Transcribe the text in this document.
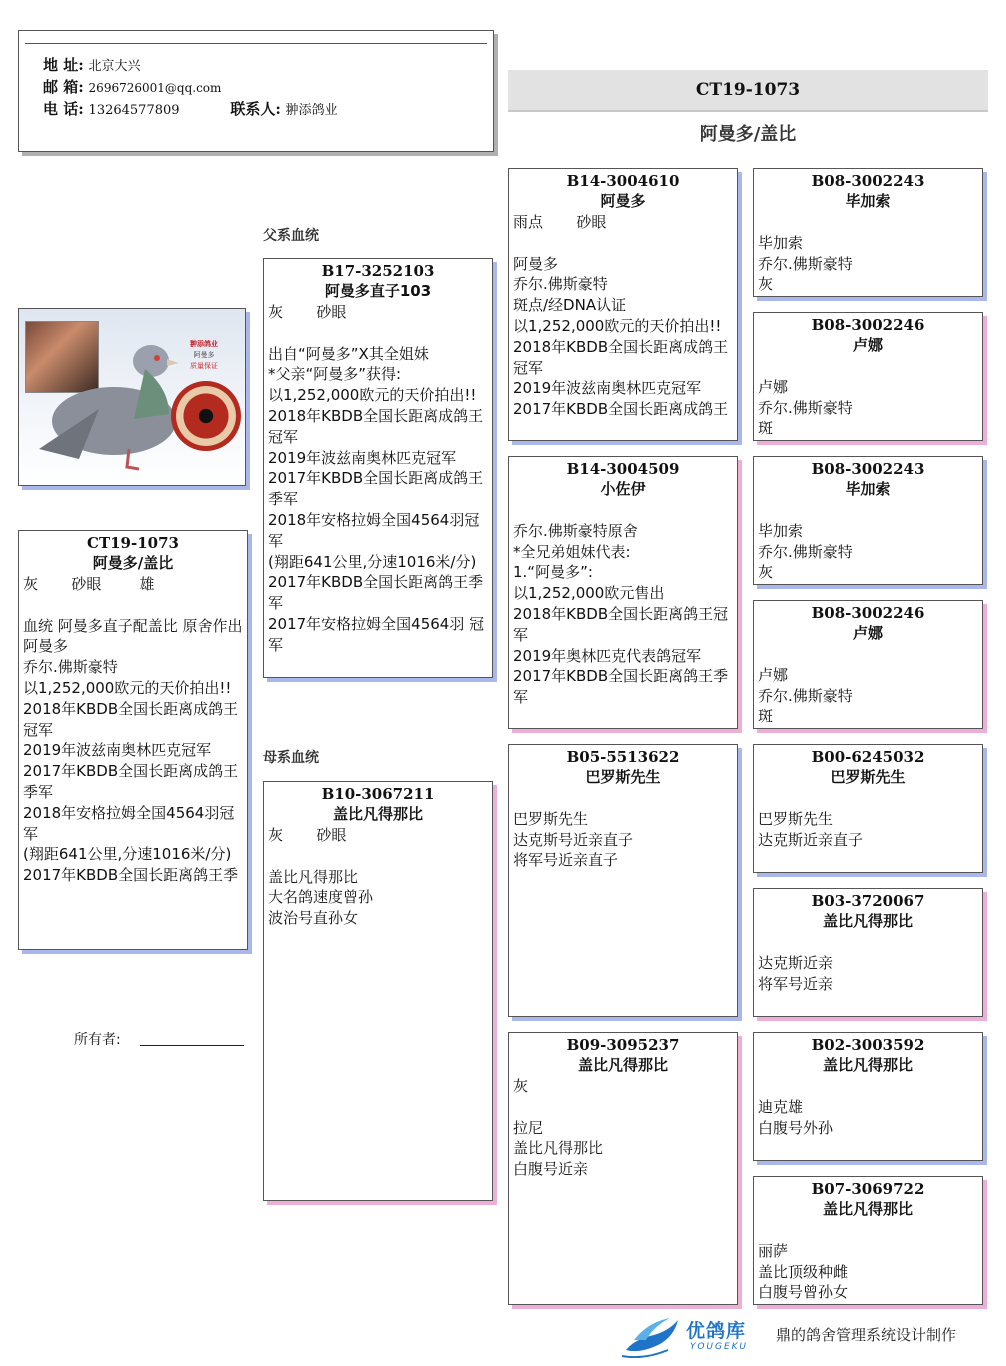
地 址: 北京大兴
邮 箱: 2696726001@qq.com
电 话: 13264577809	联系人: 翀添鸽业
CT19-1073
阿曼多/盖比
父系血统
母系血统
翀添鸽业
阿曼多
质量保证
CT19-1073
阿曼多/盖比
灰       砂眼        雄

血统 阿曼多直子配盖比 原舍作出
阿曼多
乔尔.佛斯豪特
以1,252,000欧元的天价拍出!!
2018年KBDB全国长距离成鸽王冠军
2019年波兹南奥林匹克冠军
2017年KBDB全国长距离成鸽王季军
2018年安格拉姆全国4564羽冠军
(翔距641公里,分速1016米/分)
2017年KBDB全国长距离鸽王季
所有者:
B17-3252103
阿曼多直子103
灰       砂眼

出自“阿曼多”X其全姐妹
*父亲“阿曼多”获得:
以1,252,000欧元的天价拍出!!
2018年KBDB全国长距离成鸽王冠军
2019年波兹南奥林匹克冠军
2017年KBDB全国长距离成鸽王季军
2018年安格拉姆全国4564羽冠军
(翔距641公里,分速1016米/分)
2017年KBDB全国长距离鸽王季军
2017年安格拉姆全国4564羽 冠军
B10-3067211
盖比凡得那比
灰       砂眼

盖比凡得那比
大名鸽速度曾孙
波治号直孙女
B14-3004610
阿曼多
雨点       砂眼

阿曼多
乔尔.佛斯豪特
斑点/经DNA认证
以1,252,000欧元的天价拍出!!
2018年KBDB全国长距离成鸽王冠军
2019年波兹南奥林匹克冠军
2017年KBDB全国长距离成鸽王
B14-3004509
小佐伊

乔尔.佛斯豪特原舍
*全兄弟姐妹代表:
1.“阿曼多”:
以1,252,000欧元售出
2018年KBDB全国长距离鸽王冠军
2019年奥林匹克代表鸽冠军
2017年KBDB全国长距离鸽王季军
B05-5513622
巴罗斯先生

巴罗斯先生
达克斯号近亲直子
将军号近亲直子
B09-3095237
盖比凡得那比
灰

拉尼
盖比凡得那比
白腹号近亲
B08-3002243
毕加索
毕加索
乔尔.佛斯豪特
灰
B08-3002246
卢娜
卢娜
乔尔.佛斯豪特
斑
B08-3002243
毕加索
毕加索
乔尔.佛斯豪特
灰
B08-3002246
卢娜
卢娜
乔尔.佛斯豪特
斑
B00-6245032
巴罗斯先生
巴罗斯先生
达克斯近亲直子
B03-3720067
盖比凡得那比
达克斯近亲
将军号近亲
B02-3003592
盖比凡得那比
迪克雄
白腹号外孙
B07-3069722
盖比凡得那比
丽萨
盖比顶级种雌
白腹号曾孙女
优鸽库
YOUGEKU
鼎的鸽舍管理系统设计制作
